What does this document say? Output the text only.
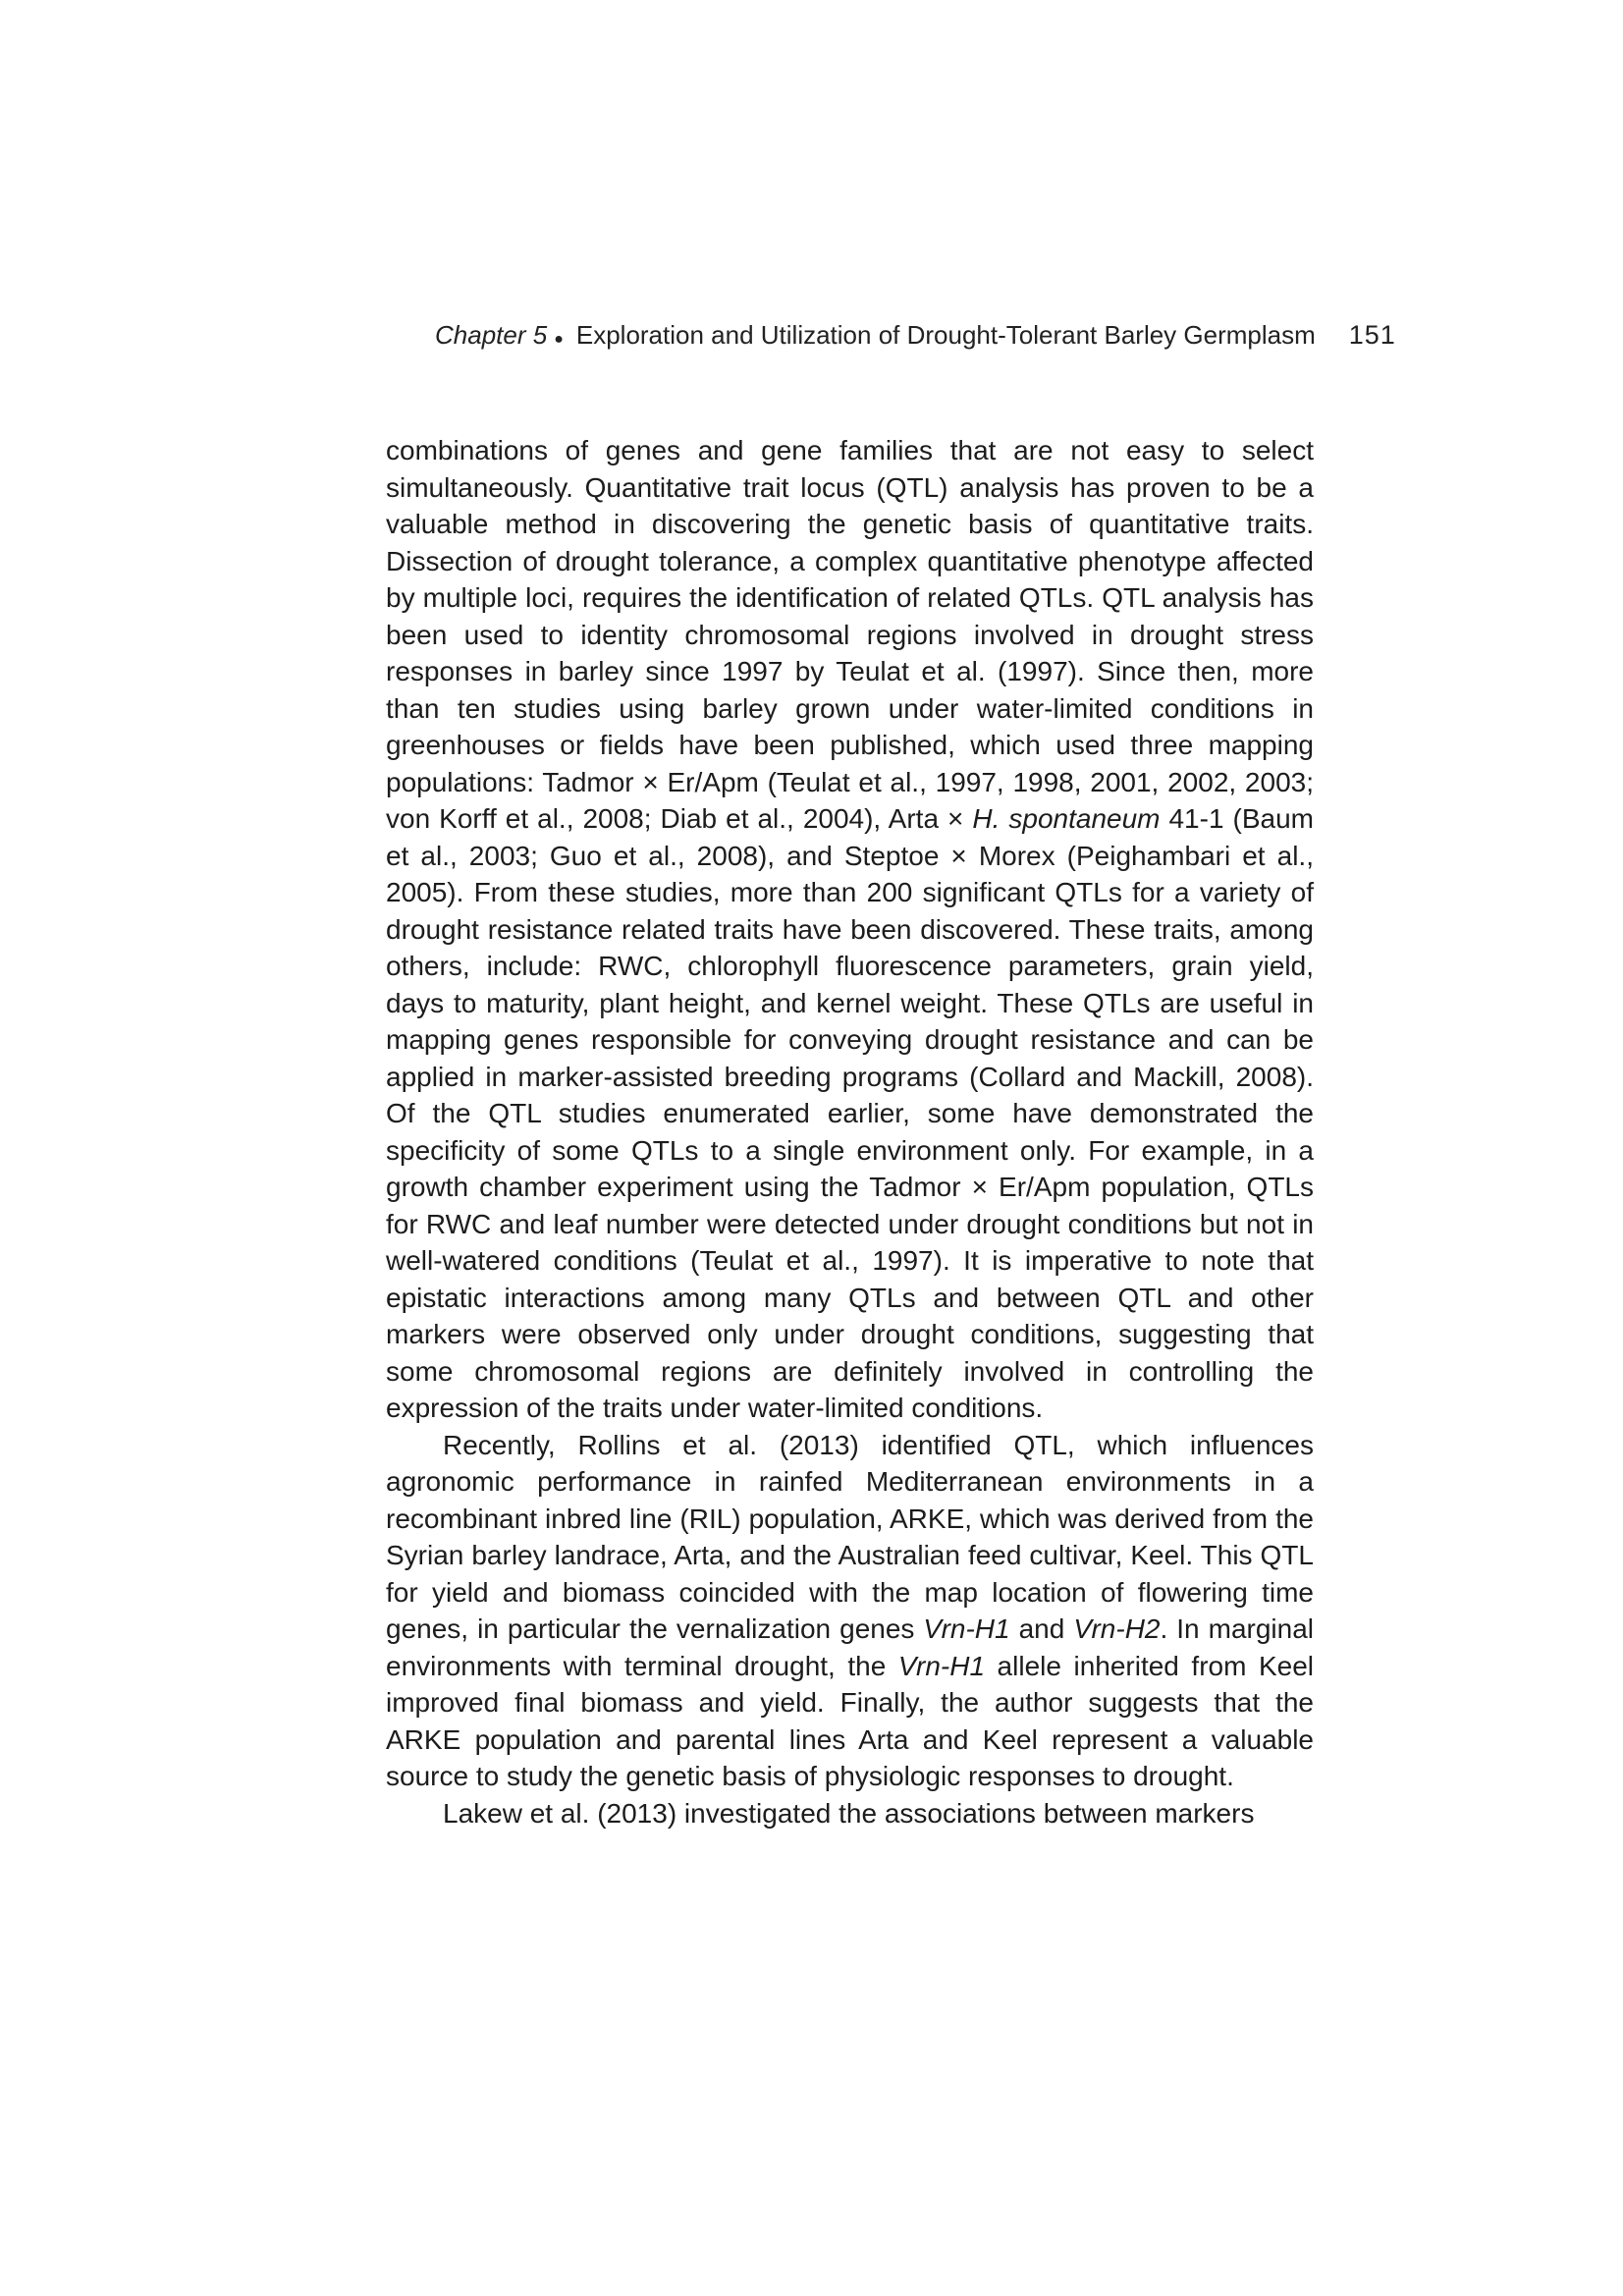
Chapter 5 ● Exploration and Utilization of Drought-Tolerant Barley Germplasm 151

combinations of genes and gene families that are not easy to select simultaneously. Quantitative trait locus (QTL) analysis has proven to be a valuable method in discovering the genetic basis of quantitative traits. Dissection of drought tolerance, a complex quantitative phenotype affected by multiple loci, requires the identification of related QTLs. QTL analysis has been used to identity chromosomal regions involved in drought stress responses in barley since 1997 by Teulat et al. (1997). Since then, more than ten studies using barley grown under water-limited conditions in greenhouses or fields have been published, which used three mapping populations: Tadmor × Er/Apm (Teulat et al., 1997, 1998, 2001, 2002, 2003; von Korff et al., 2008; Diab et al., 2004), Arta × H. spontaneum 41-1 (Baum et al., 2003; Guo et al., 2008), and Steptoe × Morex (Peighambari et al., 2005). From these studies, more than 200 significant QTLs for a variety of drought resistance related traits have been discovered. These traits, among others, include: RWC, chlorophyll fluorescence parameters, grain yield, days to maturity, plant height, and kernel weight. These QTLs are useful in mapping genes responsible for conveying drought resistance and can be applied in marker-assisted breeding programs (Collard and Mackill, 2008). Of the QTL studies enumerated earlier, some have demonstrated the specificity of some QTLs to a single environment only. For example, in a growth chamber experiment using the Tadmor × Er/Apm population, QTLs for RWC and leaf number were detected under drought conditions but not in well-watered conditions (Teulat et al., 1997). It is imperative to note that epistatic interactions among many QTLs and between QTL and other markers were observed only under drought conditions, suggesting that some chromosomal regions are definitely involved in controlling the expression of the traits under water-limited conditions.

Recently, Rollins et al. (2013) identified QTL, which influences agronomic performance in rainfed Mediterranean environments in a recombinant inbred line (RIL) population, ARKE, which was derived from the Syrian barley landrace, Arta, and the Australian feed cultivar, Keel. This QTL for yield and biomass coincided with the map location of flowering time genes, in particular the vernalization genes Vrn-H1 and Vrn-H2. In marginal environments with terminal drought, the Vrn-H1 allele inherited from Keel improved final biomass and yield. Finally, the author suggests that the ARKE population and parental lines Arta and Keel represent a valuable source to study the genetic basis of physiologic responses to drought.

Lakew et al. (2013) investigated the associations between markers
